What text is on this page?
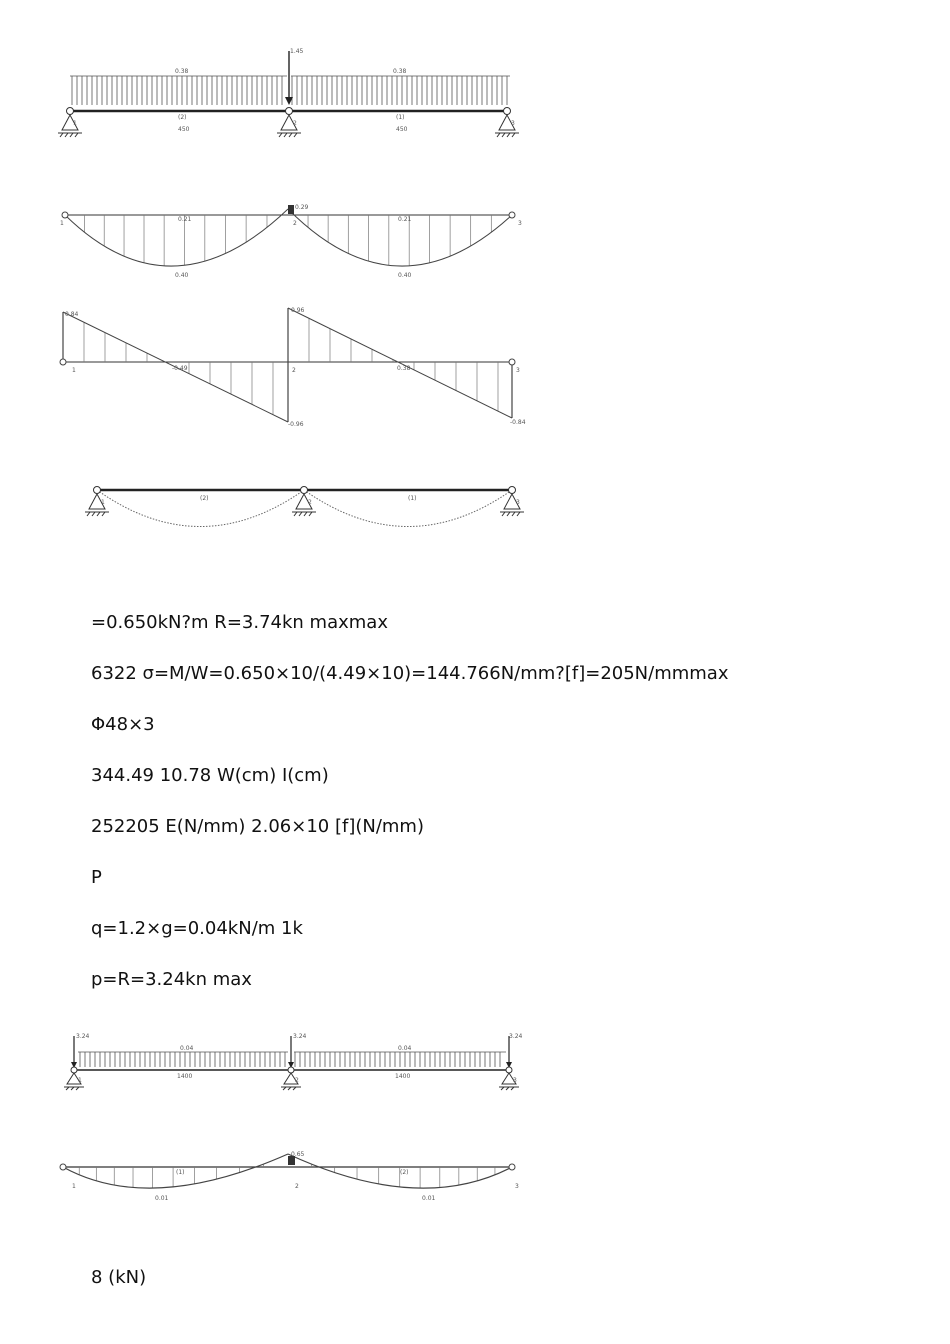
1.45
0.38	0.38
(2)	(1)
450	450
1	2	3
0.29
0.21	0.21
0.40	0.40
2	3
1
0.84
-0.49
0.96
-0.96
0.38
-0.84
1	2	3
(2)	(1)
1	2	3

=0.650kN?m R=3.74kn maxmax

6322 σ=M/W=0.650×10/(4.49×10)=144.766N/mm?[f]=205N/mmmax

Φ48×3

344.49 10.78 W(cm) I(cm)

252205 E(N/mm) 2.06×10 [f](N/mm)

P

q=1.2×g=0.04kN/m 1k

p=R=3.24kn max

3.24	3.24	3.24
0.04	0.04
1400	1400
1	2	3
0.65
(1)	(2)
0.01	0.01
1	2	3

8 (kN)
